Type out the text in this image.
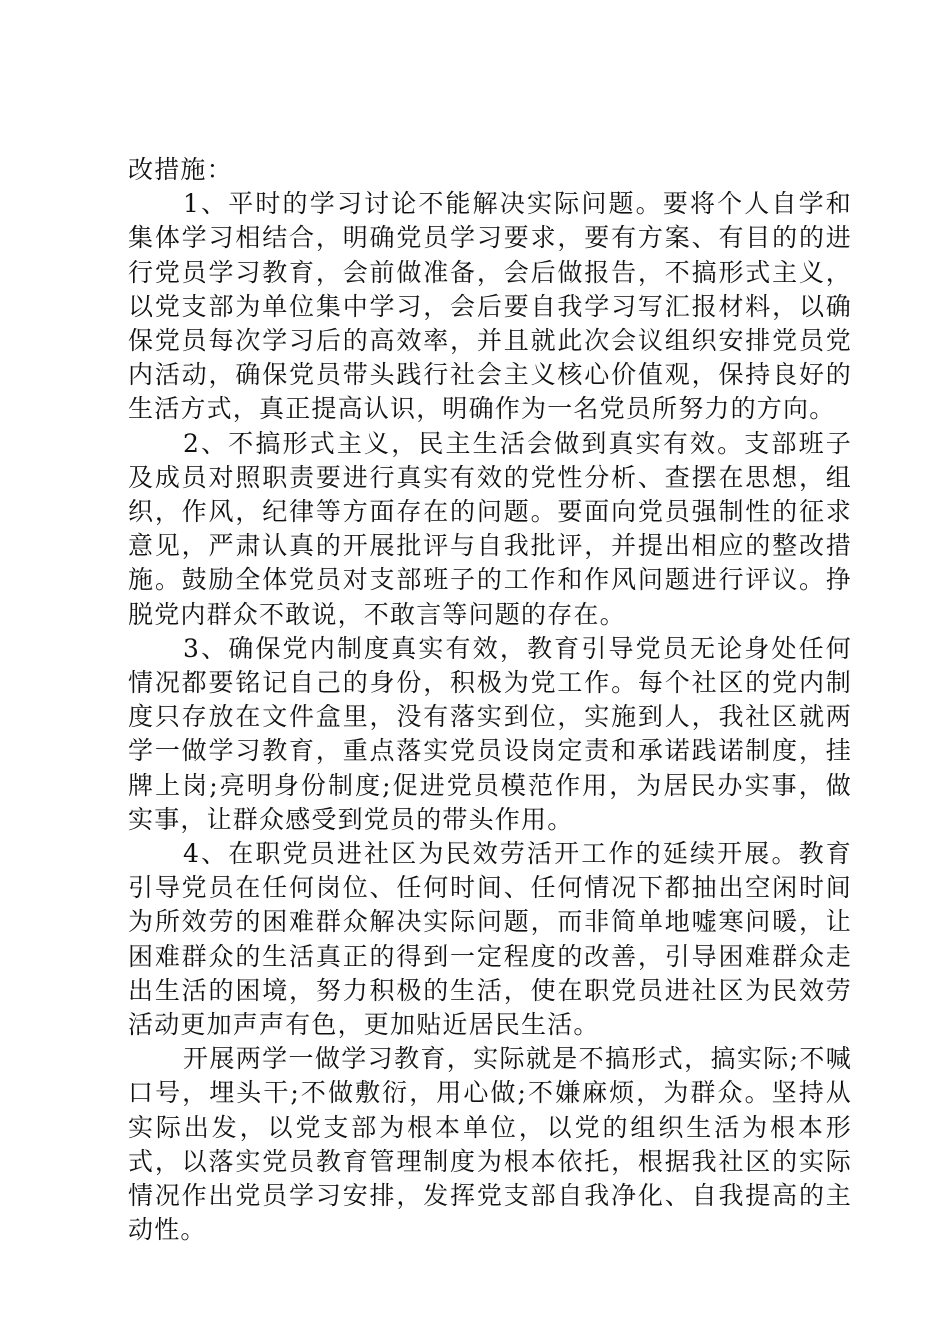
改措施：

1、平时的学习讨论不能解决实际问题。要将个人自学和集体学习相结合，明确党员学习要求，要有方案、有目的的进行党员学习教育，会前做准备，会后做报告，不搞形式主义，以党支部为单位集中学习，会后要自我学习写汇报材料，以确保党员每次学习后的高效率，并且就此次会议组织安排党员党内活动，确保党员带头践行社会主义核心价值观，保持良好的生活方式，真正提高认识，明确作为一名党员所努力的方向。

2、不搞形式主义，民主生活会做到真实有效。支部班子及成员对照职责要进行真实有效的党性分析、查摆在思想，组织，作风，纪律等方面存在的问题。要面向党员强制性的征求意见，严肃认真的开展批评与自我批评，并提出相应的整改措施。鼓励全体党员对支部班子的工作和作风问题进行评议。挣脱党内群众不敢说，不敢言等问题的存在。

3、确保党内制度真实有效，教育引导党员无论身处任何情况都要铭记自己的身份，积极为党工作。每个社区的党内制度只存放在文件盒里，没有落实到位，实施到人，我社区就两学一做学习教育，重点落实党员设岗定责和承诺践诺制度，挂牌上岗;亮明身份制度;促进党员模范作用，为居民办实事，做实事，让群众感受到党员的带头作用。

4、在职党员进社区为民效劳活开工作的延续开展。教育引导党员在任何岗位、任何时间、任何情况下都抽出空闲时间为所效劳的困难群众解决实际问题，而非简单地嘘寒问暖，让困难群众的生活真正的得到一定程度的改善，引导困难群众走出生活的困境，努力积极的生活，使在职党员进社区为民效劳活动更加声声有色，更加贴近居民生活。

开展两学一做学习教育，实际就是不搞形式，搞实际;不喊口号，埋头干;不做敷衍，用心做;不嫌麻烦，为群众。坚持从实际出发，以党支部为根本单位，以党的组织生活为根本形式，以落实党员教育管理制度为根本依托，根据我社区的实际情况作出党员学习安排，发挥党支部自我净化、自我提高的主动性。
